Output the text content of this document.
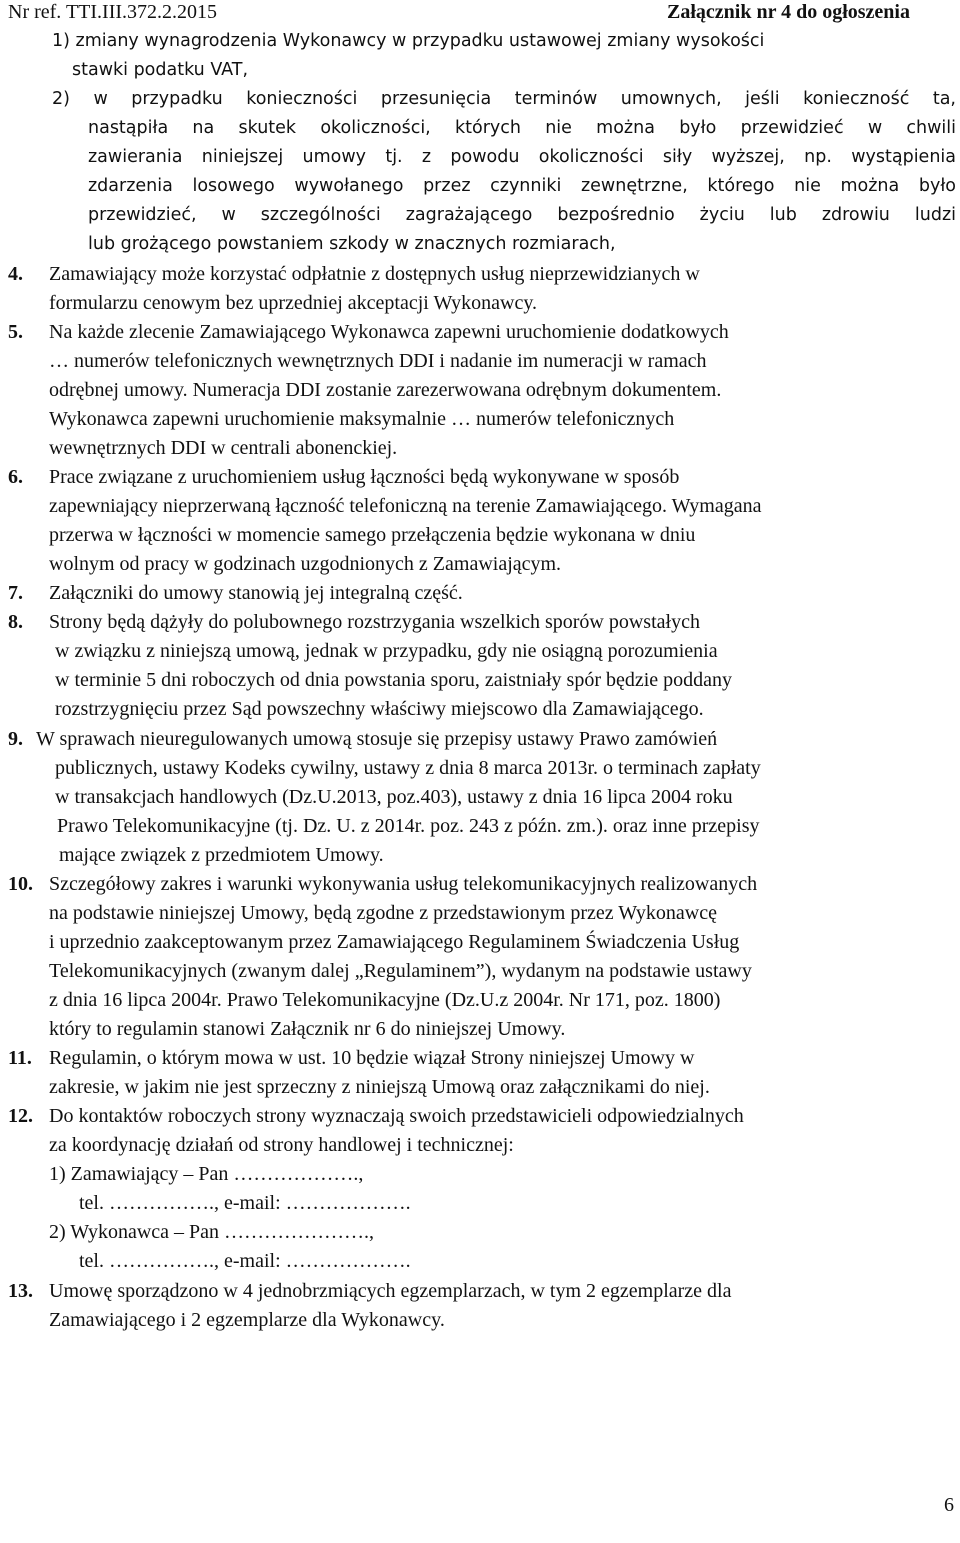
Nr ref. TTI.III.372.2.2015	Załącznik nr 4 do ogłoszenia
1) zmiany wynagrodzenia Wykonawcy w przypadku ustawowej zmiany wysokości
stawki podatku VAT,
2) w przypadku konieczności przesunięcia terminów umownych, jeśli konieczność ta,
nastąpiła na skutek okoliczności, których nie można było przewidzieć w chwili
zawierania niniejszej umowy tj. z powodu okoliczności siły wyższej, np. wystąpienia
zdarzenia losowego wywołanego przez czynniki zewnętrzne, którego nie można było
przewidzieć, w szczególności zagrażającego bezpośrednio życiu lub zdrowiu ludzi
lub grożącego powstaniem szkody w znacznych rozmiarach,
4. Zamawiający może korzystać odpłatnie z dostępnych usług nieprzewidzianych w
formularzu cenowym bez uprzedniej akceptacji Wykonawcy.
5. Na każde zlecenie Zamawiającego Wykonawca zapewni uruchomienie dodatkowych
… numerów telefonicznych wewnętrznych DDI i nadanie im numeracji w ramach
odrębnej umowy. Numeracja DDI zostanie zarezerwowana odrębnym dokumentem.
Wykonawca zapewni uruchomienie maksymalnie … numerów telefonicznych
wewnętrznych DDI w centrali abonenckiej.
6. Prace związane z uruchomieniem usług łączności będą wykonywane w sposób
zapewniający nieprzerwaną łączność telefoniczną na terenie Zamawiającego. Wymagana
przerwa w łączności w momencie samego przełączenia będzie wykonana w dniu
wolnym od pracy w godzinach uzgodnionych z Zamawiającym.
7. Załączniki do umowy stanowią jej integralną część.
8. Strony będą dążyły do polubownego rozstrzygania wszelkich sporów powstałych
w związku z niniejszą umową, jednak w przypadku, gdy nie osiągną porozumienia
w terminie 5 dni roboczych od dnia powstania sporu, zaistniały spór będzie poddany
rozstrzygnięciu przez Sąd powszechny właściwy miejscowo dla Zamawiającego.
9. W sprawach nieuregulowanych umową stosuje się przepisy ustawy Prawo zamówień
publicznych, ustawy Kodeks cywilny, ustawy z dnia 8 marca 2013r. o terminach zapłaty
w transakcjach handlowych (Dz.U.2013, poz.403), ustawy z dnia 16 lipca 2004 roku
Prawo Telekomunikacyjne (tj. Dz. U. z 2014r. poz. 243 z późn. zm.). oraz inne przepisy
mające związek z przedmiotem Umowy.
10. Szczegółowy zakres i warunki wykonywania usług telekomunikacyjnych realizowanych
na podstawie niniejszej Umowy, będą zgodne z przedstawionym przez Wykonawcę
i uprzednio zaakceptowanym przez Zamawiającego Regulaminem Świadczenia Usług
Telekomunikacyjnych (zwanym dalej „Regulaminem”), wydanym na podstawie ustawy
z dnia 16 lipca 2004r. Prawo Telekomunikacyjne (Dz.U.z 2004r. Nr 171, poz. 1800)
który to regulamin stanowi Załącznik nr 6 do niniejszej Umowy.
11. Regulamin, o którym mowa w ust. 10 będzie wiązał Strony niniejszej Umowy w
zakresie, w jakim nie jest sprzeczny z niniejszą Umową oraz załącznikami do niej.
12. Do kontaktów roboczych strony wyznaczają swoich przedstawicieli odpowiedzialnych
za koordynację działań od strony handlowej i technicznej:
1) Zamawiający – Pan ……………….,
tel. ……………., e-mail: ……………….
2) Wykonawca – Pan ………………….,
tel. ……………., e-mail: ……………….
13. Umowę sporządzono w 4 jednobrzmiących egzemplarzach, w tym 2 egzemplarze dla
Zamawiającego i 2 egzemplarze dla Wykonawcy.
6
